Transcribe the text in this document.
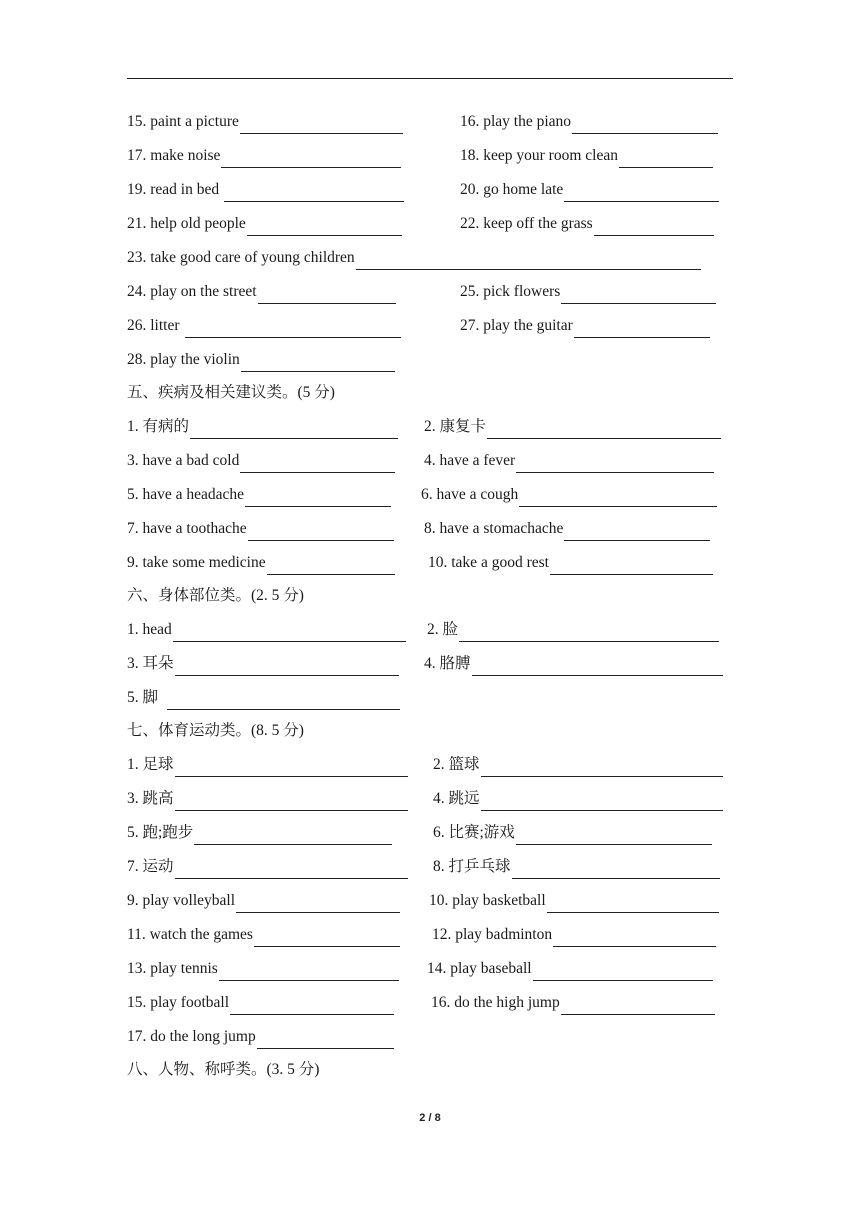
15. paint a picture	16. play the piano
17. make noise	18. keep your room clean
19. read in bed	20. go home late
21. help old people	22. keep off the grass
23. take good care of young children
24. play on the street	25. pick flowers
26. litter	27. play the guitar
28. play the violin
五、疾病及相关建议类。(5 分)
1. 有病的	2. 康复卡
3. have a bad cold	4. have a fever
5. have a headache	6. have a cough
7. have a toothache	8. have a stomachache
9. take some medicine	10. take a good rest
六、身体部位类。(2. 5 分)
1. head	2. 脸
3. 耳朵	4. 胳膊
5. 脚
七、体育运动类。(8. 5 分)
1. 足球	2. 篮球
3. 跳高	4. 跳远
5. 跑;跑步	6. 比赛;游戏
7. 运动	8. 打乒乓球
9. play volleyball	10. play basketball
11. watch the games	12. play badminton
13. play tennis	14. play baseball
15. play football	16. do the high jump
17. do the long jump
八、人物、称呼类。(3. 5 分)
2 / 8
